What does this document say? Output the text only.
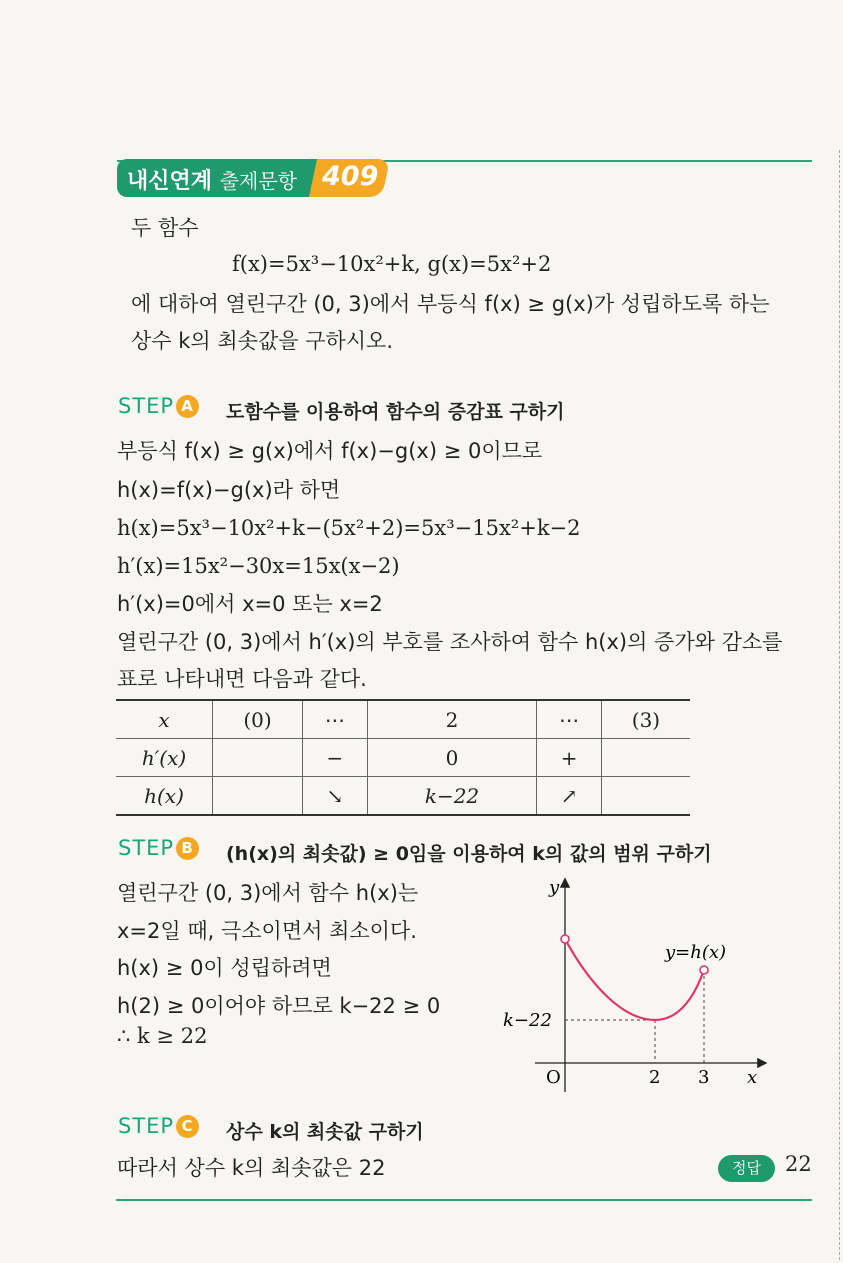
내신연계 출제문항 409
두 함수
f(x)=5x³−10x²+k, g(x)=5x²+2
에 대하여 열린구간 (0, 3)에서 부등식 f(x) ≥ g(x)가 성립하도록 하는
상수 k의 최솟값을 구하시오.
STEP A 도함수를 이용하여 함수의 증감표 구하기
부등식 f(x) ≥ g(x)에서 f(x)−g(x) ≥ 0이므로
h(x)=f(x)−g(x)라 하면
h(x)=5x³−10x²+k−(5x²+2)=5x³−15x²+k−2
h′(x)=15x²−30x=15x(x−2)
h′(x)=0에서 x=0 또는 x=2
열린구간 (0, 3)에서 h′(x)의 부호를 조사하여 함수 h(x)의 증가와 감소를
표로 나타내면 다음과 같다.
x	(0)	⋯	2	⋯	(3)
h′(x)		−	0	+	
h(x)		↘	k−22	↗	
STEP B (h(x)의 최솟값) ≥ 0임을 이용하여 k의 값의 범위 구하기
열린구간 (0, 3)에서 함수 h(x)는
x=2일 때, 극소이면서 최소이다.
h(x) ≥ 0이 성립하려면
h(2) ≥ 0이어야 하므로 k−22 ≥ 0
∴ k ≥ 22
y
x
O	2 3
k−22
y=h(x)
STEP C 상수 k의 최솟값 구하기
따라서 상수 k의 최솟값은 22	정답	22
